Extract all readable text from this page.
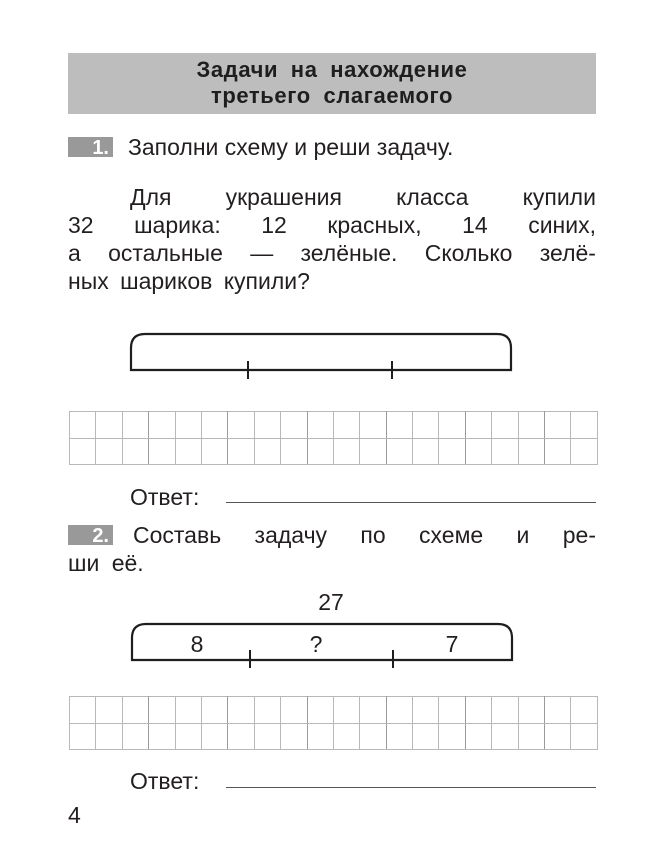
Задачи на нахождение
третьего слагаемого
1. Заполни схему и реши задачу.
Для украшения класса купили
32 шарика: 12 красных, 14 синих,
а остальные — зелёные. Сколько зелё-
ных шариков купили?

Ответ:
2. Составь задачу по схеме и ре-
ши её.
27
8	?	7

Ответ:
4
